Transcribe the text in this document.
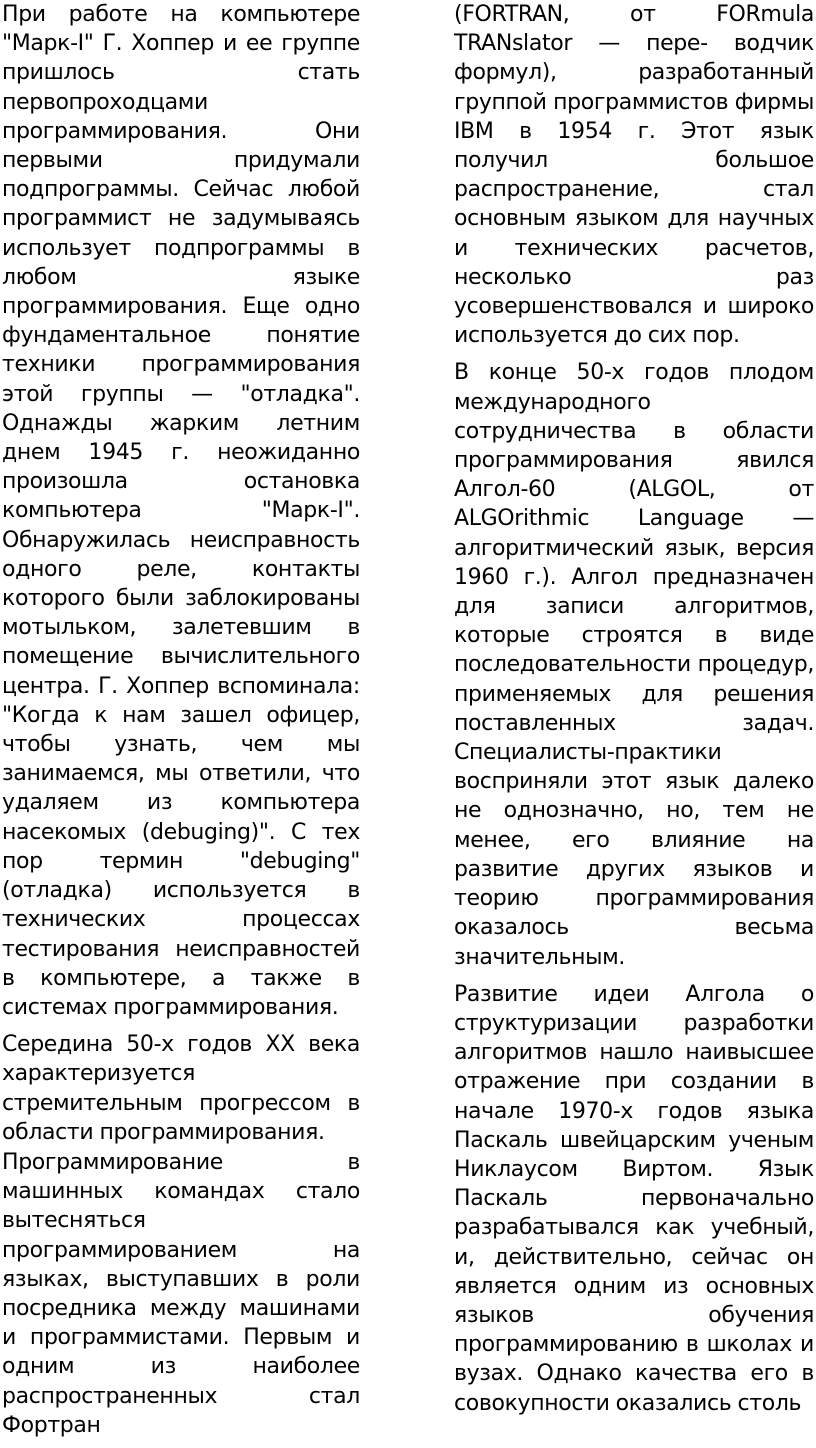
При работе на компьютере "Марк-I" Г. Хоппер и ее группе пришлось стать первопроходцами программирования. Они первыми придумали подпрограммы. Сейчас любой программист не задумываясь использует подпрограммы в любом языке программирования. Еще одно фундаментальное понятие техники программирования этой группы — "отладка". Однажды жарким летним днем 1945 г. неожиданно произошла остановка компьютера "Марк-I". Обнаружилась неисправность одного реле, контакты которого были заблокированы мотыльком, залетевшим в помещение вычислительного центра. Г. Хоппер вспоминала: "Когда к нам зашел офицер, чтобы узнать, чем мы занимаемся, мы ответили, что удаляем из компьютера насекомых (debuging)". С тех пор термин "debuging" (отладка) используется в технических процессах тестирования неисправностей в компьютере, а также в системах программирования.

Середина 50-х годов XX века характеризуется стремительным прогрессом в области программирования.

Программирование в машинных командах стало вытесняться программированием на языках, выступавших в роли посредника между машинами и программистами. Первым и одним из наиболее распространенных стал Фортран

(FORTRAN, от FORmula TRANslator — пере- водчик формул), разработанный группой программистов фирмы IBM в 1954 г. Этот язык получил большое распространение, стал основным языком для научных и технических расчетов, несколько раз усовершенствовался и широко используется до сих пор.

В конце 50-х годов плодом международного сотрудничества в области программирования явился Алгол-60 (ALGOL, от ALGOrithmic Language — алгоритмический язык, версия 1960 г.). Алгол предназначен для записи алгоритмов, которые строятся в виде последовательности процедур, применяемых для решения поставленных задач. Специалисты-практики восприняли этот язык далеко не однозначно, но, тем не менее, его влияние на развитие других языков и теорию программирования оказалось весьма значительным.

Развитие идеи Алгола о структуризации разработки алгоритмов нашло наивысшее отражение при создании в начале 1970-х годов языка Паскаль швейцарским ученым Никлаусом Виртом. Язык Паскаль первоначально разрабатывался как учебный, и, действительно, сейчас он является одним из основных языков обучения программированию в школах и вузах. Однако качества его в совокупности оказались столь
